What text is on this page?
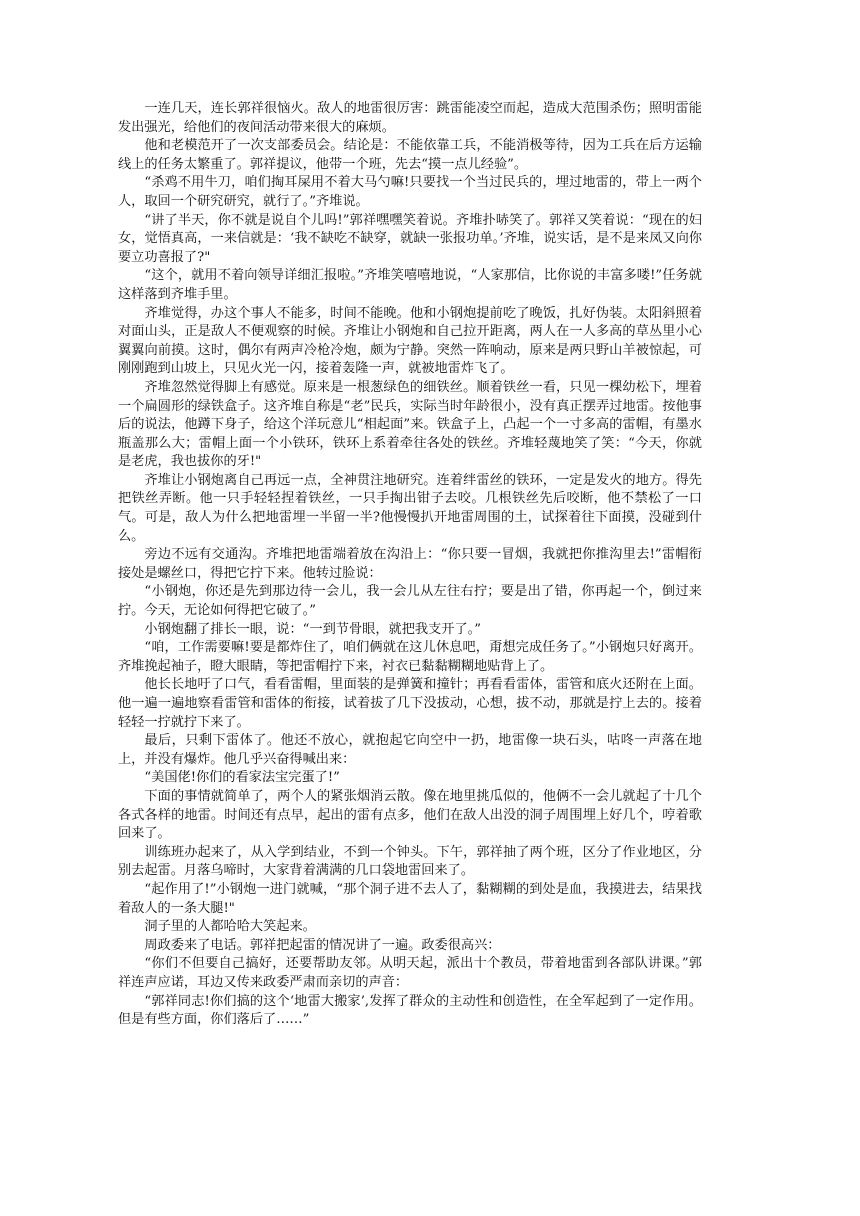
一连几天，连长郭祥很恼火。敌人的地雷很厉害：跳雷能凌空而起，造成大范围杀伤；照明雷能发出强光，给他们的夜间活动带来很大的麻烦。

他和老模范开了一次支部委员会。结论是：不能依靠工兵，不能消极等待，因为工兵在后方运输线上的任务太繁重了。郭祥提议，他带一个班，先去“摸一点儿经验”。

“杀鸡不用牛刀，咱们掏耳屎用不着大马勺嘛!只要找一个当过民兵的，埋过地雷的，带上一两个人，取回一个研究研究，就行了。”齐堆说。

“讲了半天，你不就是说自个儿吗!”郭祥嘿嘿笑着说。齐堆扑哧笑了。郭祥又笑着说：“现在的妇女，觉悟真高，一来信就是：‘我不缺吃不缺穿，就缺一张报功单。’齐堆，说实话，是不是来凤又向你要立功喜报了?"

“这个，就用不着向领导详细汇报啦。”齐堆笑嘻嘻地说，“人家那信，比你说的丰富多喽!”任务就这样落到齐堆手里。

齐堆觉得，办这个事人不能多，时间不能晚。他和小钢炮提前吃了晚饭，扎好伪装。太阳斜照着对面山头，正是敌人不便观察的时候。齐堆让小钢炮和自己拉开距离，两人在一人多高的草丛里小心翼翼向前摸。这时，偶尔有两声冷枪冷炮，颇为宁静。突然一阵响动，原来是两只野山羊被惊起，可刚刚跑到山坡上，只见火光一闪，接着轰隆一声，就被地雷炸飞了。

齐堆忽然觉得脚上有感觉。原来是一根葱绿色的细铁丝。顺着铁丝一看，只见一棵幼松下，埋着一个扁圆形的绿铁盒子。这齐堆自称是“老”民兵，实际当时年龄很小，没有真正摆弄过地雷。按他事后的说法，他蹲下身子，给这个洋玩意儿“相起面”来。铁盒子上，凸起一个一寸多高的雷帽，有墨水瓶盖那么大；雷帽上面一个小铁环，铁环上系着牵往各处的铁丝。齐堆轻蔑地笑了笑：“今天，你就是老虎，我也拔你的牙!"

齐堆让小钢炮离自己再远一点，全神贯注地研究。连着绊雷丝的铁环，一定是发火的地方。得先把铁丝弄断。他一只手轻轻捏着铁丝，一只手掏出钳子去咬。几根铁丝先后咬断，他不禁松了一口气。可是，敌人为什么把地雷埋一半留一半?他慢慢扒开地雷周围的土，试探着往下面摸，没碰到什么。

旁边不远有交通沟。齐堆把地雷端着放在沟沿上：“你只要一冒烟，我就把你推沟里去!”雷帽衔接处是螺丝口，得把它拧下来。他转过脸说：

“小钢炮，你还是先到那边待一会儿，我一会儿从左往右拧；要是出了错，你再起一个，倒过来拧。今天，无论如何得把它破了。”

小钢炮翻了排长一眼，说：“一到节骨眼，就把我支开了。”

“咱，工作需要嘛!要是都炸住了，咱们俩就在这儿休息吧，甭想完成任务了。”小钢炮只好离开。齐堆挽起袖子，瞪大眼睛，等把雷帽拧下来，衬衣已黏黏糊糊地贴背上了。

他长长地吁了口气，看看雷帽，里面装的是弹簧和撞针；再看看雷体，雷管和底火还附在上面。他一遍一遍地察看雷管和雷体的衔接，试着拔了几下没拔动，心想，拔不动，那就是拧上去的。接着轻轻一拧就拧下来了。

最后，只剩下雷体了。他还不放心，就抱起它向空中一扔，地雷像一块石头，咕咚一声落在地上，并没有爆炸。他几乎兴奋得喊出来：

“美国佬!你们的看家法宝完蛋了!”

下面的事情就简单了，两个人的紧张烟消云散。像在地里挑瓜似的，他俩不一会儿就起了十几个各式各样的地雷。时间还有点早，起出的雷有点多，他们在敌人出没的洞子周围埋上好几个，哼着歌回来了。

训练班办起来了，从入学到结业，不到一个钟头。下午，郭祥抽了两个班，区分了作业地区，分别去起雷。月落乌啼时，大家背着满满的几口袋地雷回来了。

“起作用了!”小钢炮一进门就喊，“那个洞子进不去人了，黏糊糊的到处是血，我摸进去，结果找着敌人的一条大腿!"

洞子里的人都哈哈大笑起来。

周政委来了电话。郭祥把起雷的情况讲了一遍。政委很高兴：

“你们不但要自己搞好，还要帮助友邻。从明天起，派出十个教员，带着地雷到各部队讲课。”郭祥连声应诺，耳边又传来政委严肃而亲切的声音：

“郭祥同志!你们搞的这个‘地雷大搬家’,发挥了群众的主动性和创造性，在全军起到了一定作用。但是有些方面，你们落后了……”
